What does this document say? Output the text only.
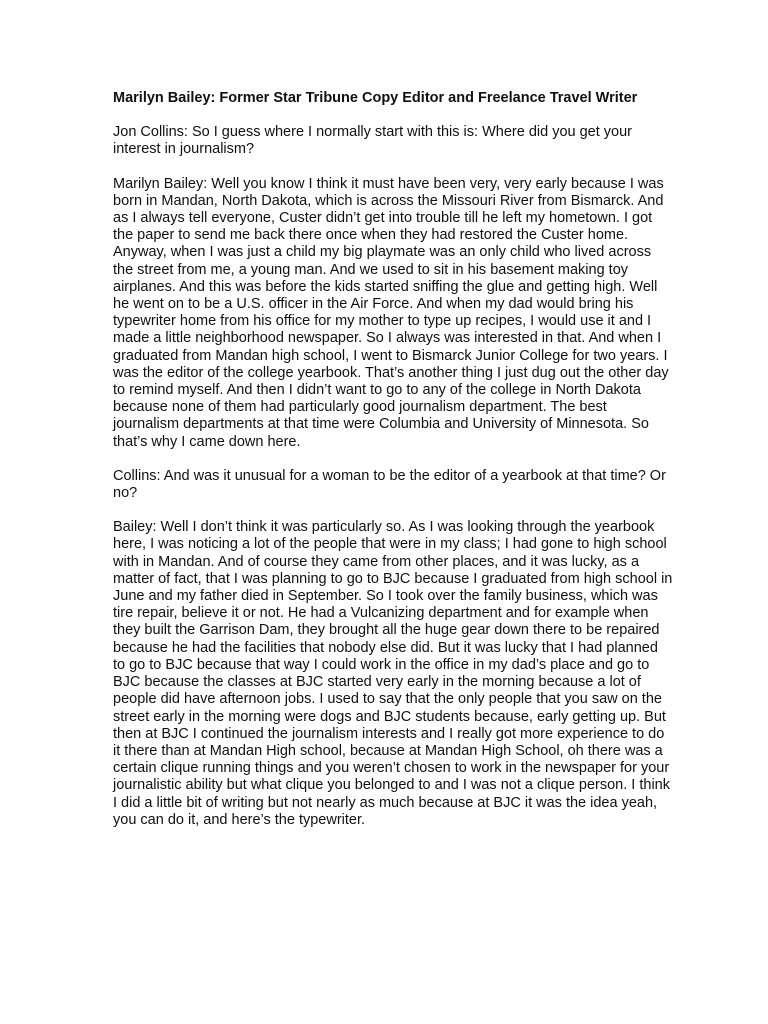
Marilyn Bailey: Former Star Tribune Copy Editor and Freelance Travel Writer

Jon Collins: So I guess where I normally start with this is: Where did you get your interest in journalism?

Marilyn Bailey: Well you know I think it must have been very, very early because I was born in Mandan, North Dakota, which is across the Missouri River from Bismarck. And as I always tell everyone, Custer didn’t get into trouble till he left my hometown. I got the paper to send me back there once when they had restored the Custer home. Anyway, when I was just a child my big playmate was an only child who lived across the street from me, a young man. And we used to sit in his basement making toy airplanes. And this was before the kids started sniffing the glue and getting high. Well he went on to be a U.S. officer in the Air Force. And when my dad would bring his typewriter home from his office for my mother to type up recipes, I would use it and I made a little neighborhood newspaper. So I always was interested in that. And when I graduated from Mandan high school, I went to Bismarck Junior College for two years. I was the editor of the college yearbook. That’s another thing I just dug out the other day to remind myself. And then I didn’t want to go to any of the college in North Dakota because none of them had particularly good journalism department. The best journalism departments at that time were Columbia and University of Minnesota. So that’s why I came down here.

Collins: And was it unusual for a woman to be the editor of a yearbook at that time? Or no?

Bailey: Well I don’t think it was particularly so. As I was looking through the yearbook here, I was noticing a lot of the people that were in my class; I had gone to high school with in Mandan. And of course they came from other places, and it was lucky, as a matter of fact, that I was planning to go to BJC because I graduated from high school in June and my father died in September. So I took over the family business, which was tire repair, believe it or not. He had a Vulcanizing department and for example when they built the Garrison Dam, they brought all the huge gear down there to be repaired because he had the facilities that nobody else did. But it was lucky that I had planned to go to BJC because that way I could work in the office in my dad’s place and go to BJC because the classes at BJC started very early in the morning because a lot of people did have afternoon jobs. I used to say that the only people that you saw on the street early in the morning were dogs and BJC students because, early getting up. But then at BJC I continued the journalism interests and I really got more experience to do it there than at Mandan High school, because at Mandan High School, oh there was a certain clique running things and you weren’t chosen to work in the newspaper for your journalistic ability but what clique you belonged to and I was not a clique person. I think I did a little bit of writing but not nearly as much because at BJC it was the idea yeah, you can do it, and here’s the typewriter.
